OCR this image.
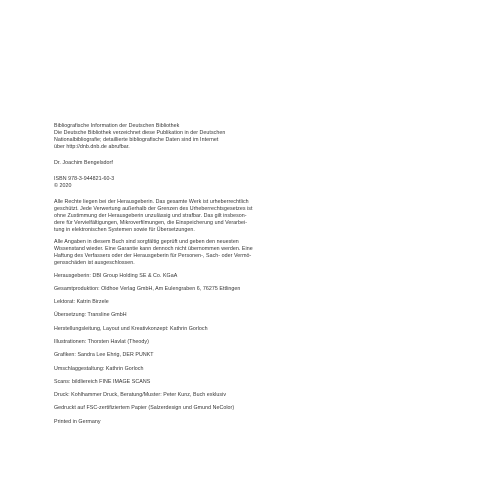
Bibliografische Information der Deutschen Bibliothek
Die Deutsche Bibliothek verzeichnet diese Publikation in der Deutschen
Nationalbibliografie; detaillierte bibliografische Daten sind im Internet
über http://dnb.dnb.de abrufbar.
Dr. Joachim Bengelsdorf
ISBN 978-3-944821-60-3
© 2020
Alle Rechte liegen bei der Herausgeberin. Das gesamte Werk ist urheberrechtlich
geschützt. Jede Verwertung außerhalb der Grenzen des Urheberrechtsgesetzes ist
ohne Zustimmung der Herausgeberin unzulässig und strafbar. Das gilt insbeson-
dere für Vervielfältigungen, Mikroverfilmungen, die Einspeicherung und Verarbei-
tung in elektronischen Systemen sowie für Übersetzungen.
Alle Angaben in diesem Buch sind sorgfältig geprüft und geben den neuesten
Wissenstand wieder. Eine Garantie kann dennoch nicht übernommen werden. Eine
Haftung des Verfassers oder der Herausgeberin für Personen-, Sach- oder Vermö-
gensschäden ist ausgeschlossen.
Herausgeberin: DBI Group Holding SE & Co. KGaA
Gesamtproduktion: Oldhoe Verlag GmbH, Am Eulengraben 6, 76275 Ettlingen
Lektorat: Katrin Birzele
Übersetzung: Transline GmbH
Herstellungsleitung, Layout und Kreativkonzept: Kathrin Gorloch
Illustrationen: Thorsten Havlat (Theody)
Grafiken: Sandra Lee Ehrig, DER PUNKT
Umschlaggestaltung: Kathrin Gorloch
Scans: bildliereich FINE IMAGE SCANS
Druck: Kohlhammer Druck, Beratung/Muster: Peter Kunz, Buch exklusiv
Gedruckt auf FSC-zertifiziertem Papier (Salzerdesign und Gmund NeColor)
Printed in Germany
